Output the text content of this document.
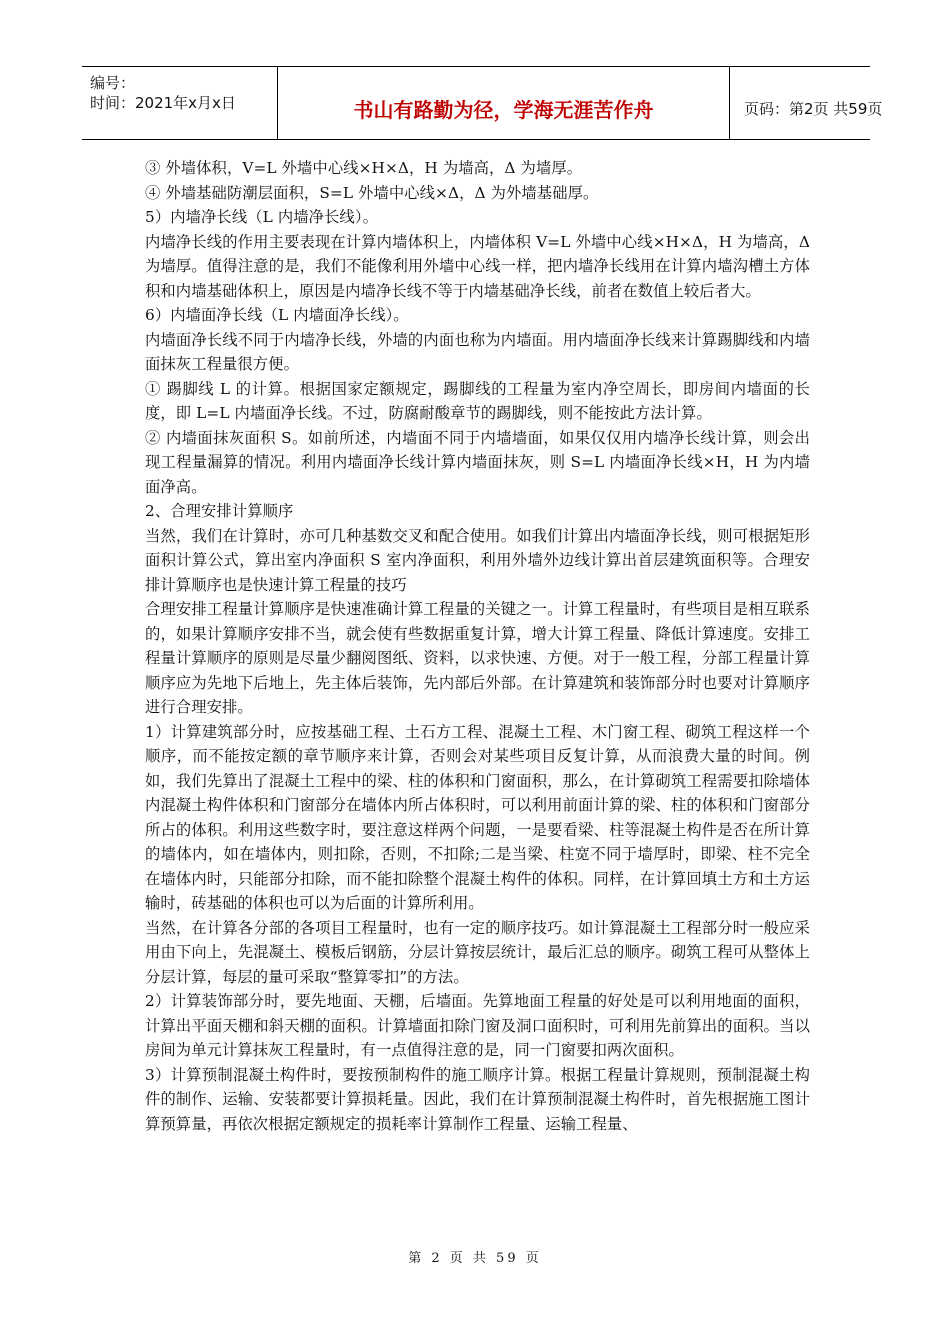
编号：
时间：2021年x月x日	书山有路勤为径，学海无涯苦作舟	页码：第2页 共59页

③ 外墙体积，V=L 外墙中心线×H×Δ，H 为墙高，Δ 为墙厚。

④ 外墙基础防潮层面积，S=L 外墙中心线×Δ，Δ 为外墙基础厚。

5）内墙净长线（L 内墙净长线）。

内墙净长线的作用主要表现在计算内墙体积上，内墙体积 V=L 外墙中心线×H×Δ，H 为墙高，Δ 为墙厚。值得注意的是，我们不能像利用外墙中心线一样，把内墙净长线用在计算内墙沟槽土方体积和内墙基础体积上，原因是内墙净长线不等于内墙基础净长线，前者在数值上较后者大。

6）内墙面净长线（L 内墙面净长线）。

内墙面净长线不同于内墙净长线，外墙的内面也称为内墙面。用内墙面净长线来计算踢脚线和内墙面抹灰工程量很方便。

① 踢脚线 L 的计算。根据国家定额规定，踢脚线的工程量为室内净空周长，即房间内墙面的长度，即 L=L 内墙面净长线。不过，防腐耐酸章节的踢脚线，则不能按此方法计算。

② 内墙面抹灰面积 S。如前所述，内墙面不同于内墙墙面，如果仅仅用内墙净长线计算，则会出现工程量漏算的情况。利用内墙面净长线计算内墙面抹灰，则 S=L 内墙面净长线×H，H 为内墙面净高。

2、合理安排计算顺序

当然，我们在计算时，亦可几种基数交叉和配合使用。如我们计算出内墙面净长线，则可根据矩形面积计算公式，算出室内净面积 S 室内净面积，利用外墙外边线计算出首层建筑面积等。合理安排计算顺序也是快速计算工程量的技巧

合理安排工程量计算顺序是快速准确计算工程量的关键之一。计算工程量时，有些项目是相互联系的，如果计算顺序安排不当，就会使有些数据重复计算，增大计算工程量、降低计算速度。安排工程量计算顺序的原则是尽量少翻阅图纸、资料，以求快速、方便。对于一般工程，分部工程量计算顺序应为先地下后地上，先主体后装饰，先内部后外部。在计算建筑和装饰部分时也要对计算顺序进行合理安排。

1）计算建筑部分时，应按基础工程、土石方工程、混凝土工程、木门窗工程、砌筑工程这样一个顺序，而不能按定额的章节顺序来计算，否则会对某些项目反复计算，从而浪费大量的时间。例如，我们先算出了混凝土工程中的梁、柱的体积和门窗面积，那么，在计算砌筑工程需要扣除墙体内混凝土构件体积和门窗部分在墙体内所占体积时，可以利用前面计算的梁、柱的体积和门窗部分所占的体积。利用这些数字时，要注意这样两个问题，一是要看梁、柱等混凝土构件是否在所计算的墙体内，如在墙体内，则扣除，否则，不扣除;二是当梁、柱宽不同于墙厚时，即梁、柱不完全在墙体内时，只能部分扣除，而不能扣除整个混凝土构件的体积。同样，在计算回填土方和土方运输时，砖基础的体积也可以为后面的计算所利用。

当然，在计算各分部的各项目工程量时，也有一定的顺序技巧。如计算混凝土工程部分时一般应采用由下向上，先混凝土、模板后钢筋，分层计算按层统计，最后汇总的顺序。砌筑工程可从整体上分层计算，每层的量可采取“整算零扣”的方法。

2）计算装饰部分时，要先地面、天棚，后墙面。先算地面工程量的好处是可以利用地面的面积，计算出平面天棚和斜天棚的面积。计算墙面扣除门窗及洞口面积时，可利用先前算出的面积。当以房间为单元计算抹灰工程量时，有一点值得注意的是，同一门窗要扣两次面积。

3）计算预制混凝土构件时，要按预制构件的施工顺序计算。根据工程量计算规则，预制混凝土构件的制作、运输、安装都要计算损耗量。因此，我们在计算预制混凝土构件时，首先根据施工图计算预算量，再依次根据定额规定的损耗率计算制作工程量、运输工程量、

第 2 页 共 59 页
